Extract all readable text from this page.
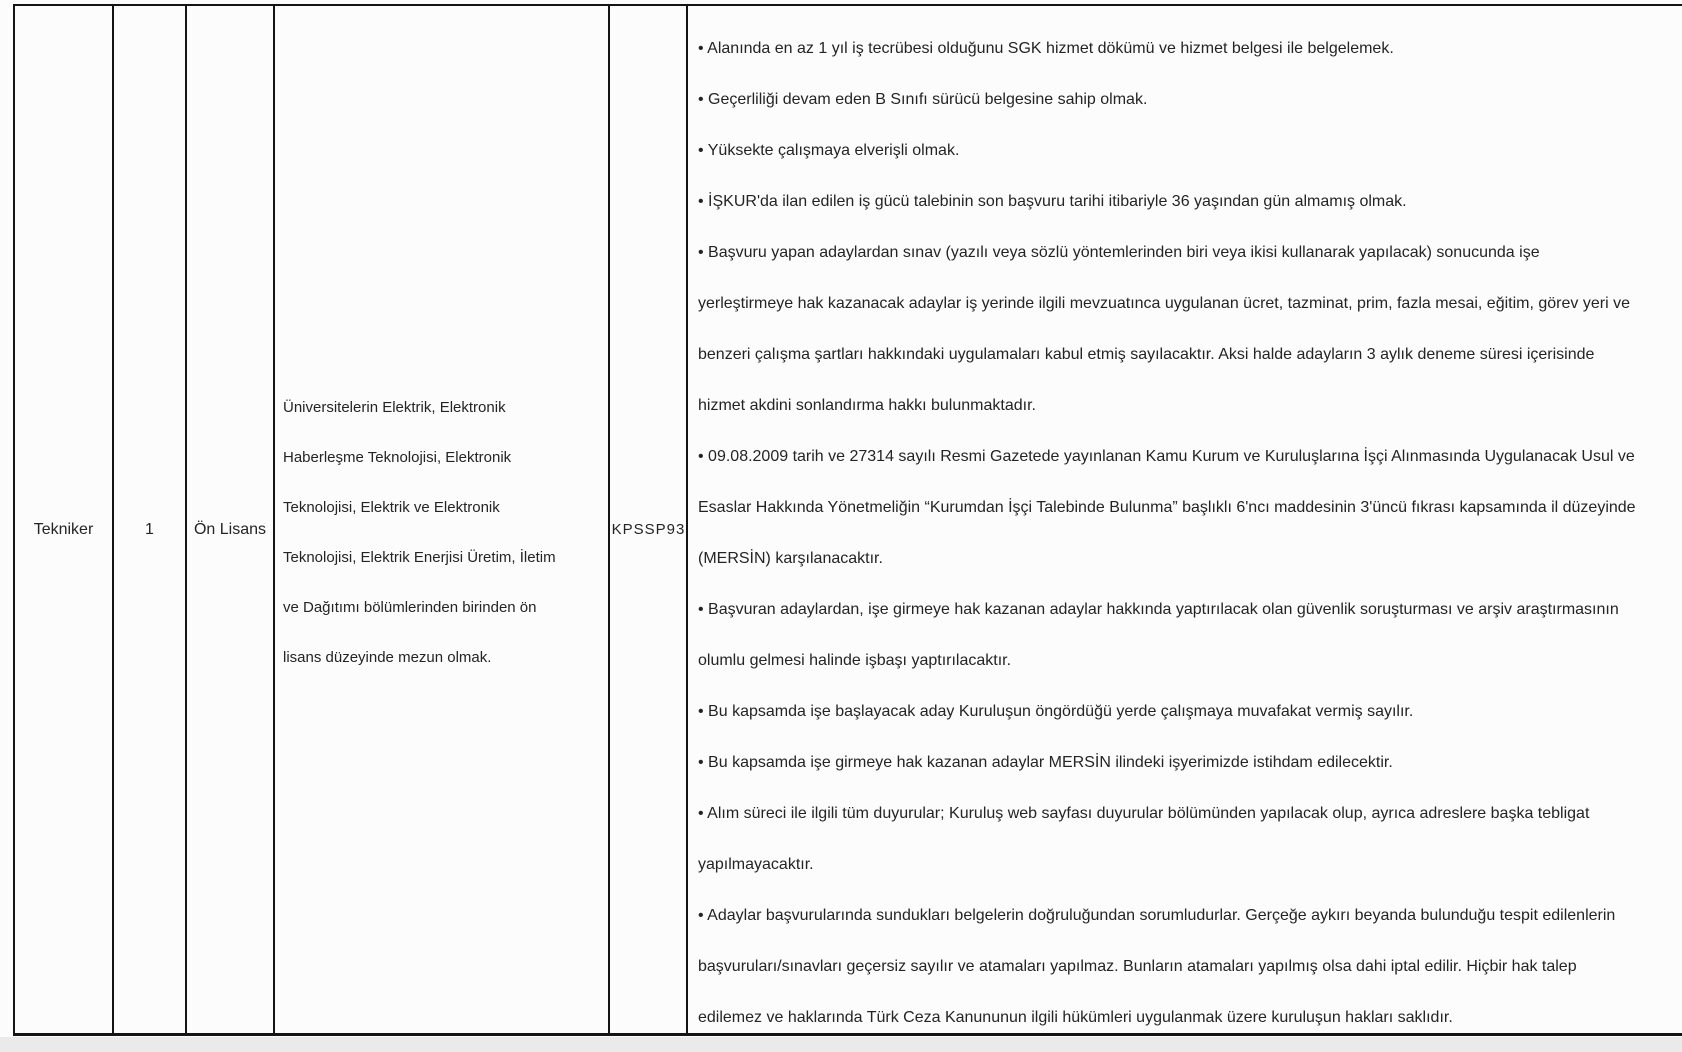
Tekniker	1	Ön Lisans
Üniversitelerin Elektrik, Elektronik
Haberleşme Teknolojisi, Elektronik
Teknolojisi, Elektrik ve Elektronik
Teknolojisi, Elektrik Enerjisi Üretim, İletim
ve Dağıtımı bölümlerinden birinden ön
lisans düzeyinde mezun olmak.
KPSSP93
• Alanında en az 1 yıl iş tecrübesi olduğunu SGK hizmet dökümü ve hizmet belgesi ile belgelemek.
• Geçerliliği devam eden B Sınıfı sürücü belgesine sahip olmak.
• Yüksekte çalışmaya elverişli olmak.
• İŞKUR'da ilan edilen iş gücü talebinin son başvuru tarihi itibariyle 36 yaşından gün almamış olmak.
• Başvuru yapan adaylardan sınav (yazılı veya sözlü yöntemlerinden biri veya ikisi kullanarak yapılacak) sonucunda işe
yerleştirmeye hak kazanacak adaylar iş yerinde ilgili mevzuatınca uygulanan ücret, tazminat, prim, fazla mesai, eğitim, görev yeri ve
benzeri çalışma şartları hakkındaki uygulamaları kabul etmiş sayılacaktır. Aksi halde adayların 3 aylık deneme süresi içerisinde
hizmet akdini sonlandırma hakkı bulunmaktadır.
• 09.08.2009 tarih ve 27314 sayılı Resmi Gazetede yayınlanan Kamu Kurum ve Kuruluşlarına İşçi Alınmasında Uygulanacak Usul ve
Esaslar Hakkında Yönetmeliğin “Kurumdan İşçi Talebinde Bulunma” başlıklı 6'ncı maddesinin 3'üncü fıkrası kapsamında il düzeyinde
(MERSİN) karşılanacaktır.
• Başvuran adaylardan, işe girmeye hak kazanan adaylar hakkında yaptırılacak olan güvenlik soruşturması ve arşiv araştırmasının
olumlu gelmesi halinde işbaşı yaptırılacaktır.
• Bu kapsamda işe başlayacak aday Kuruluşun öngördüğü yerde çalışmaya muvafakat vermiş sayılır.
• Bu kapsamda işe girmeye hak kazanan adaylar MERSİN ilindeki işyerimizde istihdam edilecektir.
• Alım süreci ile ilgili tüm duyurular; Kuruluş web sayfası duyurular bölümünden yapılacak olup, ayrıca adreslere başka tebligat
yapılmayacaktır.
• Adaylar başvurularında sundukları belgelerin doğruluğundan sorumludurlar. Gerçeğe aykırı beyanda bulunduğu tespit edilenlerin
başvuruları/sınavları geçersiz sayılır ve atamaları yapılmaz. Bunların atamaları yapılmış olsa dahi iptal edilir. Hiçbir hak talep
edilemez ve haklarında Türk Ceza Kanununun ilgili hükümleri uygulanmak üzere kuruluşun hakları saklıdır.
